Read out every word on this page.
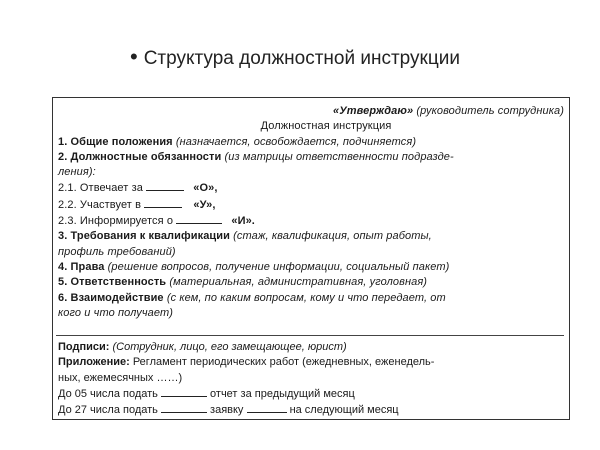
• Структура должностной инструкции
«Утверждаю» (руководитель сотрудника)
Должностная инструкция
1. Общие положения (назначается, освобождается, подчиняется)
2. Должностные обязанности (из матрицы ответственности подразде-
ления):
2.1. Отвечает за	«О»,
2.2. Участвует в	«У»,
2.3. Информируется о	«И».
3. Требования к квалификации (стаж, квалификация, опыт работы,
профиль требований)
4. Права (решение вопросов, получение информации, социальный пакет)
5. Ответственность (материальная, административная, уголовная)
6. Взаимодействие (с кем, по каким вопросам, кому и что передает, от
кого и что получает)
Подписи: (Сотрудник, лицо, его замещающее, юрист)
Приложение: Регламент периодических работ (ежедневных, еженедель-
ных, ежемесячных ……)
До 05 числа подать	отчет за предыдущий месяц
До 27 числа подать	заявку	на следующий месяц
